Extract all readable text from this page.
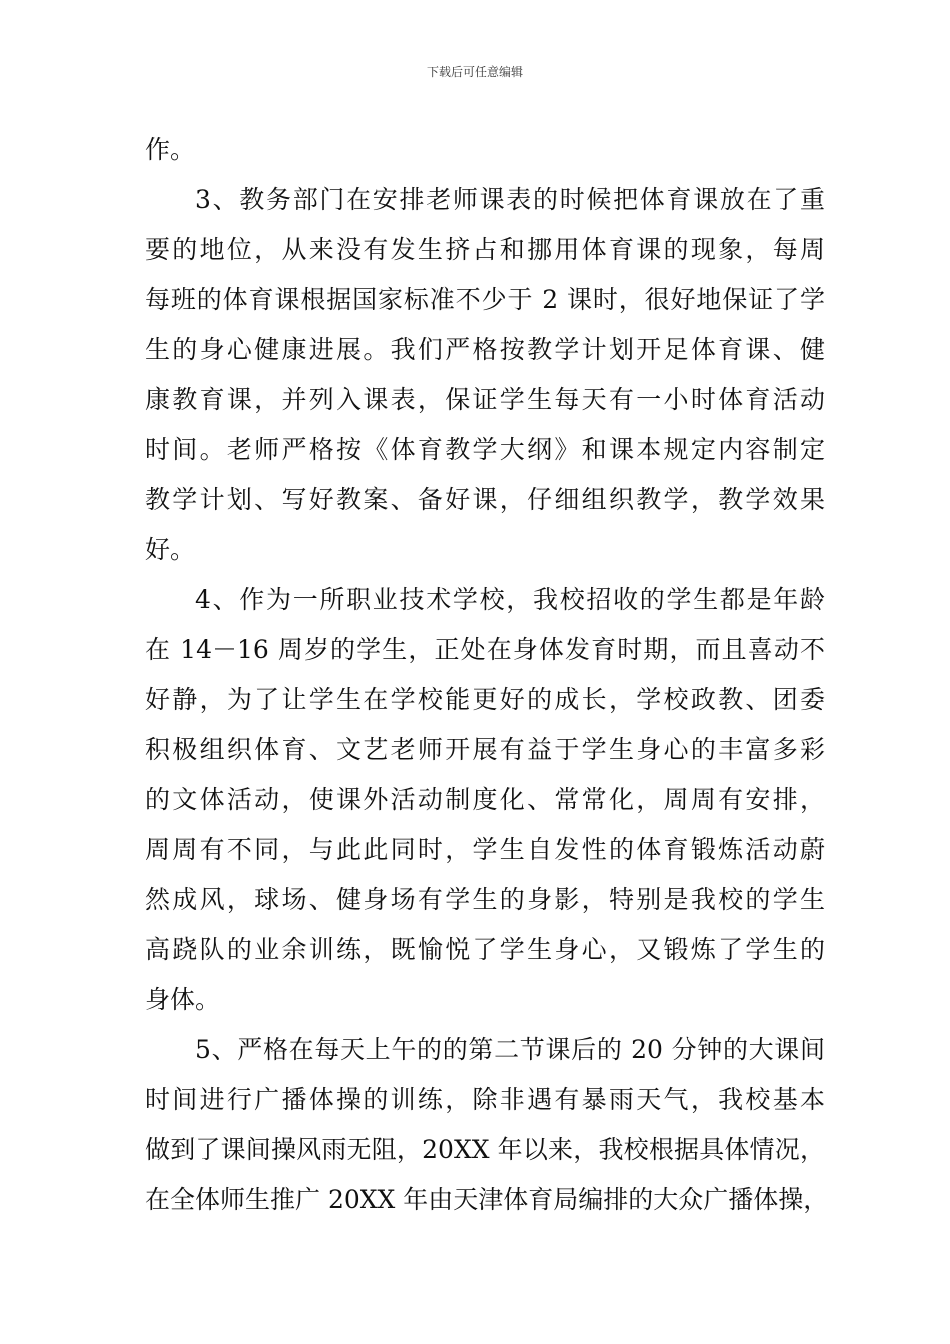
下载后可任意编辑
作。
3、教务部门在安排老师课表的时候把体育课放在了重
要的地位，从来没有发生挤占和挪用体育课的现象，每周
每班的体育课根据国家标准不少于 2 课时，很好地保证了学
生的身心健康进展。我们严格按教学计划开足体育课、健
康教育课，并列入课表，保证学生每天有一小时体育活动
时间。老师严格按《体育教学大纲》和课本规定内容制定
教学计划、写好教案、备好课，仔细组织教学，教学效果
好。
4、作为一所职业技术学校，我校招收的学生都是年龄
在 14－16 周岁的学生，正处在身体发育时期，而且喜动不
好静，为了让学生在学校能更好的成长，学校政教、团委
积极组织体育、文艺老师开展有益于学生身心的丰富多彩
的文体活动，使课外活动制度化、常常化，周周有安排，
周周有不同，与此此同时，学生自发性的体育锻炼活动蔚
然成风，球场、健身场有学生的身影，特别是我校的学生
高跷队的业余训练，既愉悦了学生身心，又锻炼了学生的
身体。
5、严格在每天上午的的第二节课后的 20 分钟的大课间
时间进行广播体操的训练，除非遇有暴雨天气，我校基本
做到了课间操风雨无阻，20XX 年以来，我校根据具体情况，
在全体师生推广 20XX 年由天津体育局编排的大众广播体操，
